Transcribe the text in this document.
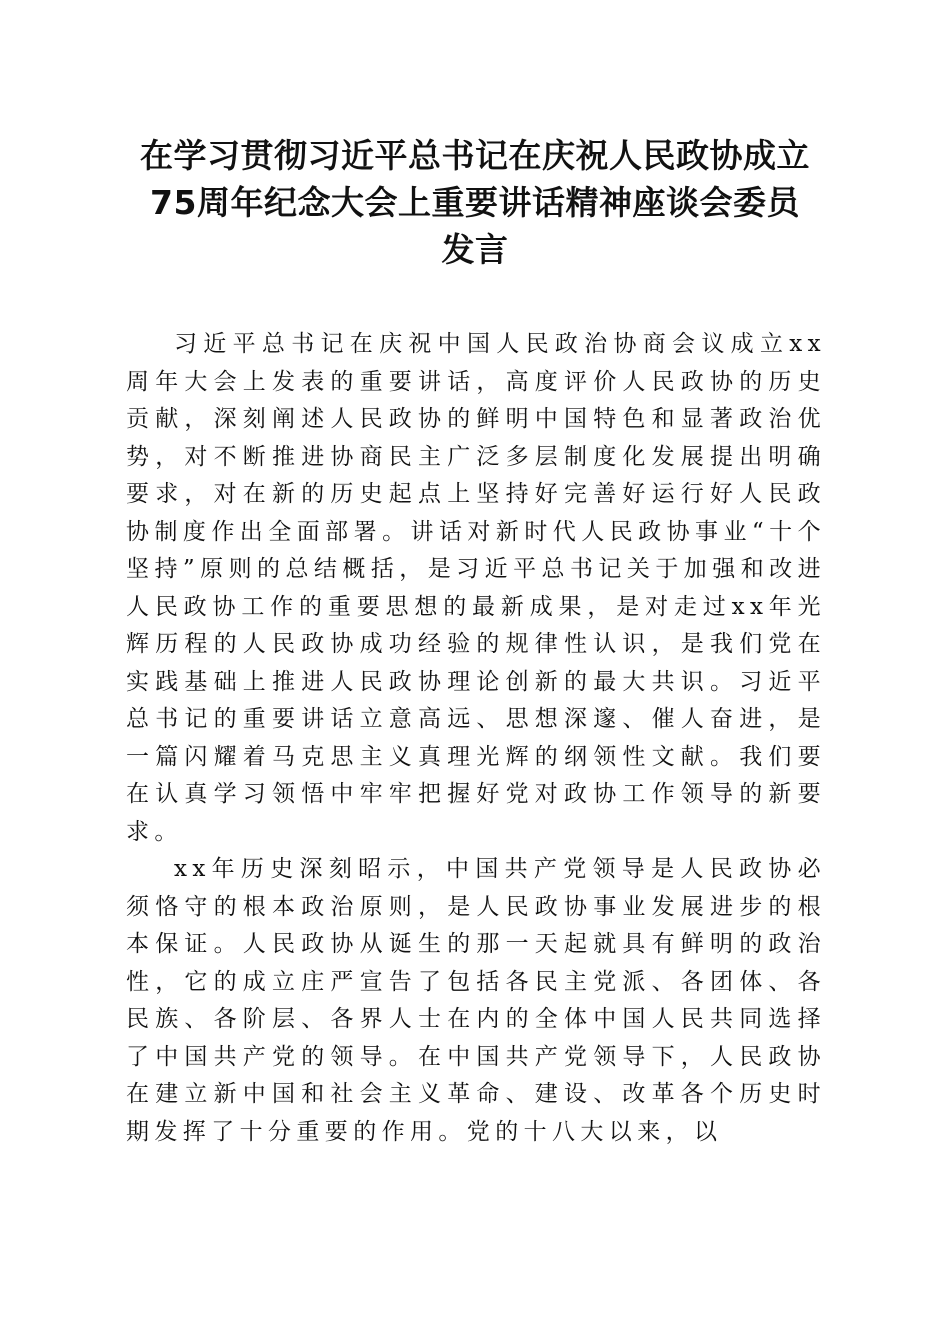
在学习贯彻习近平总书记在庆祝人民政协成立
75周年纪念大会上重要讲话精神座谈会委员
发言

习近平总书记在庆祝中国人民政治协商会议成立xx周年大会上发表的重要讲话，高度评价人民政协的历史贡献，深刻阐述人民政协的鲜明中国特色和显著政治优势，对不断推进协商民主广泛多层制度化发展提出明确要求，对在新的历史起点上坚持好完善好运行好人民政协制度作出全面部署。讲话对新时代人民政协事业“十个坚持”原则的总结概括，是习近平总书记关于加强和改进人民政协工作的重要思想的最新成果，是对走过xx年光辉历程的人民政协成功经验的规律性认识，是我们党在实践基础上推进人民政协理论创新的最大共识。习近平总书记的重要讲话立意高远、思想深邃、催人奋进，是一篇闪耀着马克思主义真理光辉的纲领性文献。我们要在认真学习领悟中牢牢把握好党对政协工作领导的新要求。

xx年历史深刻昭示，中国共产党领导是人民政协必须恪守的根本政治原则，是人民政协事业发展进步的根本保证。人民政协从诞生的那一天起就具有鲜明的政治性，它的成立庄严宣告了包括各民主党派、各团体、各民族、各阶层、各界人士在内的全体中国人民共同选择了中国共产党的领导。在中国共产党领导下，人民政协在建立新中国和社会主义革命、建设、改革各个历史时期发挥了十分重要的作用。党的十八大以来，以
